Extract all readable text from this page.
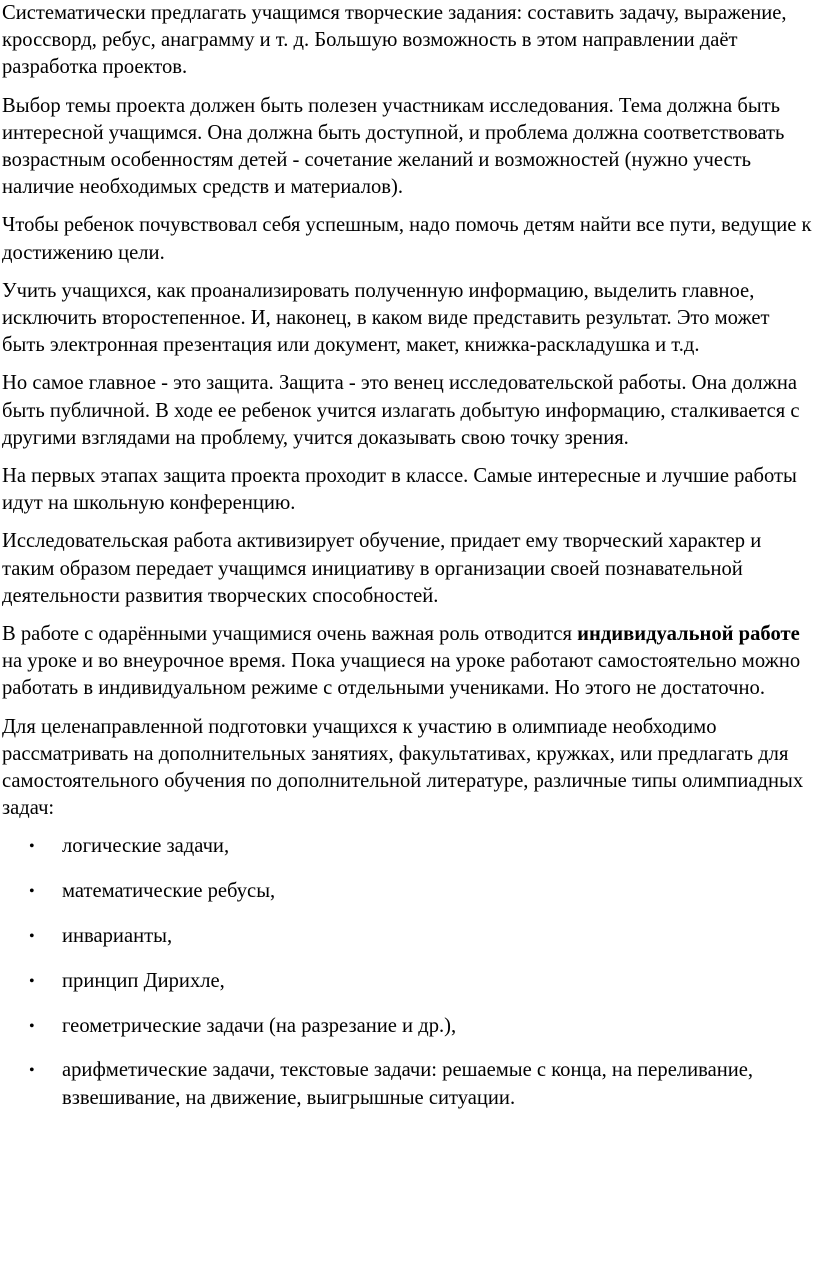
Систематически предлагать учащимся творческие задания: составить задачу, выражение, кроссворд, ребус, анаграмму и т. д. Большую возможность в этом направлении даёт разработка проектов.

Выбор темы проекта должен быть полезен участникам исследования. Тема должна быть интересной учащимся. Она должна быть доступной, и проблема должна соответствовать возрастным особенностям детей - сочетание желаний и возможностей (нужно учесть наличие необходимых средств и материалов).

Чтобы ребенок почувствовал себя успешным, надо помочь детям найти все пути, ведущие к достижению цели.

Учить учащихся, как проанализировать полученную информацию, выделить главное, исключить второстепенное. И, наконец, в каком виде представить результат. Это может быть электронная презентация или документ, макет, книжка-раскладушка и т.д.

Но самое главное - это защита. Защита - это венец исследовательской работы. Она должна быть публичной. В ходе ее ребенок учится излагать добытую информацию, сталкивается с другими взглядами на проблему, учится доказывать свою точку зрения.

На первых этапах защита проекта проходит в классе. Самые интересные и лучшие работы идут на школьную конференцию.

Исследовательская работа активизирует обучение, придает ему творческий характер и таким образом передает учащимся инициативу в организации своей познавательной деятельности развития творческих способностей.

В работе с одарёнными учащимися очень важная роль отводится индивидуальной работе на уроке и во внеурочное время. Пока учащиеся на уроке работают самостоятельно можно работать в индивидуальном режиме с отдельными учениками. Но этого не достаточно.

Для целенаправленной подготовки учащихся к участию в олимпиаде необходимо рассматривать на дополнительных занятиях, факультативах, кружках, или предлагать для самостоятельного обучения по дополнительной литературе, различные типы олимпиадных задач:

• логические задачи,
• математические ребусы,
• инварианты,
• принцип Дирихле,
• геометрические задачи (на разрезание и др.),
• арифметические задачи, текстовые задачи: решаемые с конца, на переливание, взвешивание, на движение, выигрышные ситуации.
